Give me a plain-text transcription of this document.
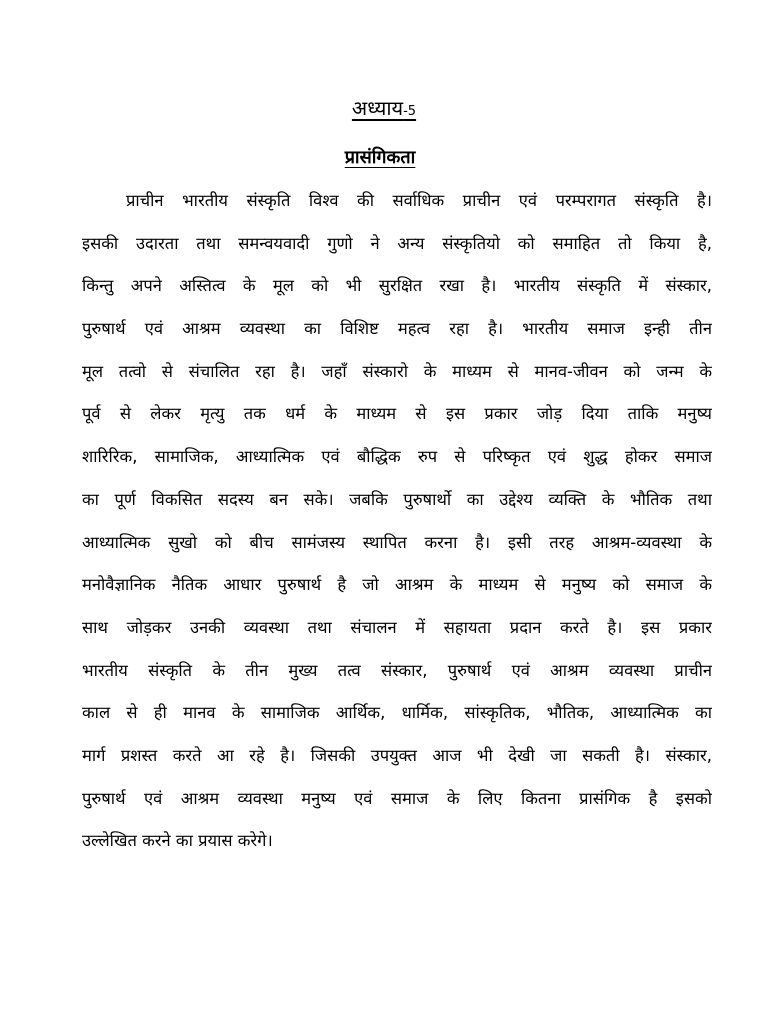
अध्याय-5
प्रासंगिकता
प्राचीन भारतीय संस्कृति विश्व की सर्वाधिक प्राचीन एवं परम्परागत संस्कृति है।
इसकी उदारता तथा समन्वयवादी गुणो ने अन्य संस्कृतियो को समाहित तो किया है,
किन्तु अपने अस्तित्व के मूल को भी सुरक्षित रखा है। भारतीय संस्कृति में संस्कार,
पुरुषार्थ एवं आश्रम व्यवस्था का विशिष्ट महत्व रहा है। भारतीय समाज इन्ही तीन
मूल तत्वो से संचालित रहा है। जहाँ संस्कारो के माध्यम से मानव-जीवन को जन्म के
पूर्व से लेकर मृत्यु तक धर्म के माध्यम से इस प्रकार जोड़ दिया ताकि मनुष्य
शारिरिक, सामाजिक, आध्यात्मिक एवं बौद्धिक रुप से परिष्कृत एवं शुद्ध होकर समाज
का पूर्ण विकसित सदस्य बन सके। जबकि पुरुषार्थो का उद्देश्य व्यक्ति के भौतिक तथा
आध्यात्मिक सुखो को बीच सामंजस्य स्थापित करना है। इसी तरह आश्रम-व्यवस्था के
मनोवैज्ञानिक नैतिक आधार पुरुषार्थ है जो आश्रम के माध्यम से मनुष्य को समाज के
साथ जोड़कर उनकी व्यवस्था तथा संचालन में सहायता प्रदान करते है। इस प्रकार
भारतीय संस्कृति के तीन मुख्य तत्व संस्कार, पुरुषार्थ एवं आश्रम व्यवस्था प्राचीन
काल से ही मानव के सामाजिक आर्थिक, धार्मिक, सांस्कृतिक, भौतिक, आध्यात्मिक का
मार्ग प्रशस्त करते आ रहे है। जिसकी उपयुक्त आज भी देखी जा सकती है। संस्कार,
पुरुषार्थ एवं आश्रम व्यवस्था मनुष्य एवं समाज के लिए कितना प्रासंगिक है इसको
उल्लेखित करने का प्रयास करेगे।
